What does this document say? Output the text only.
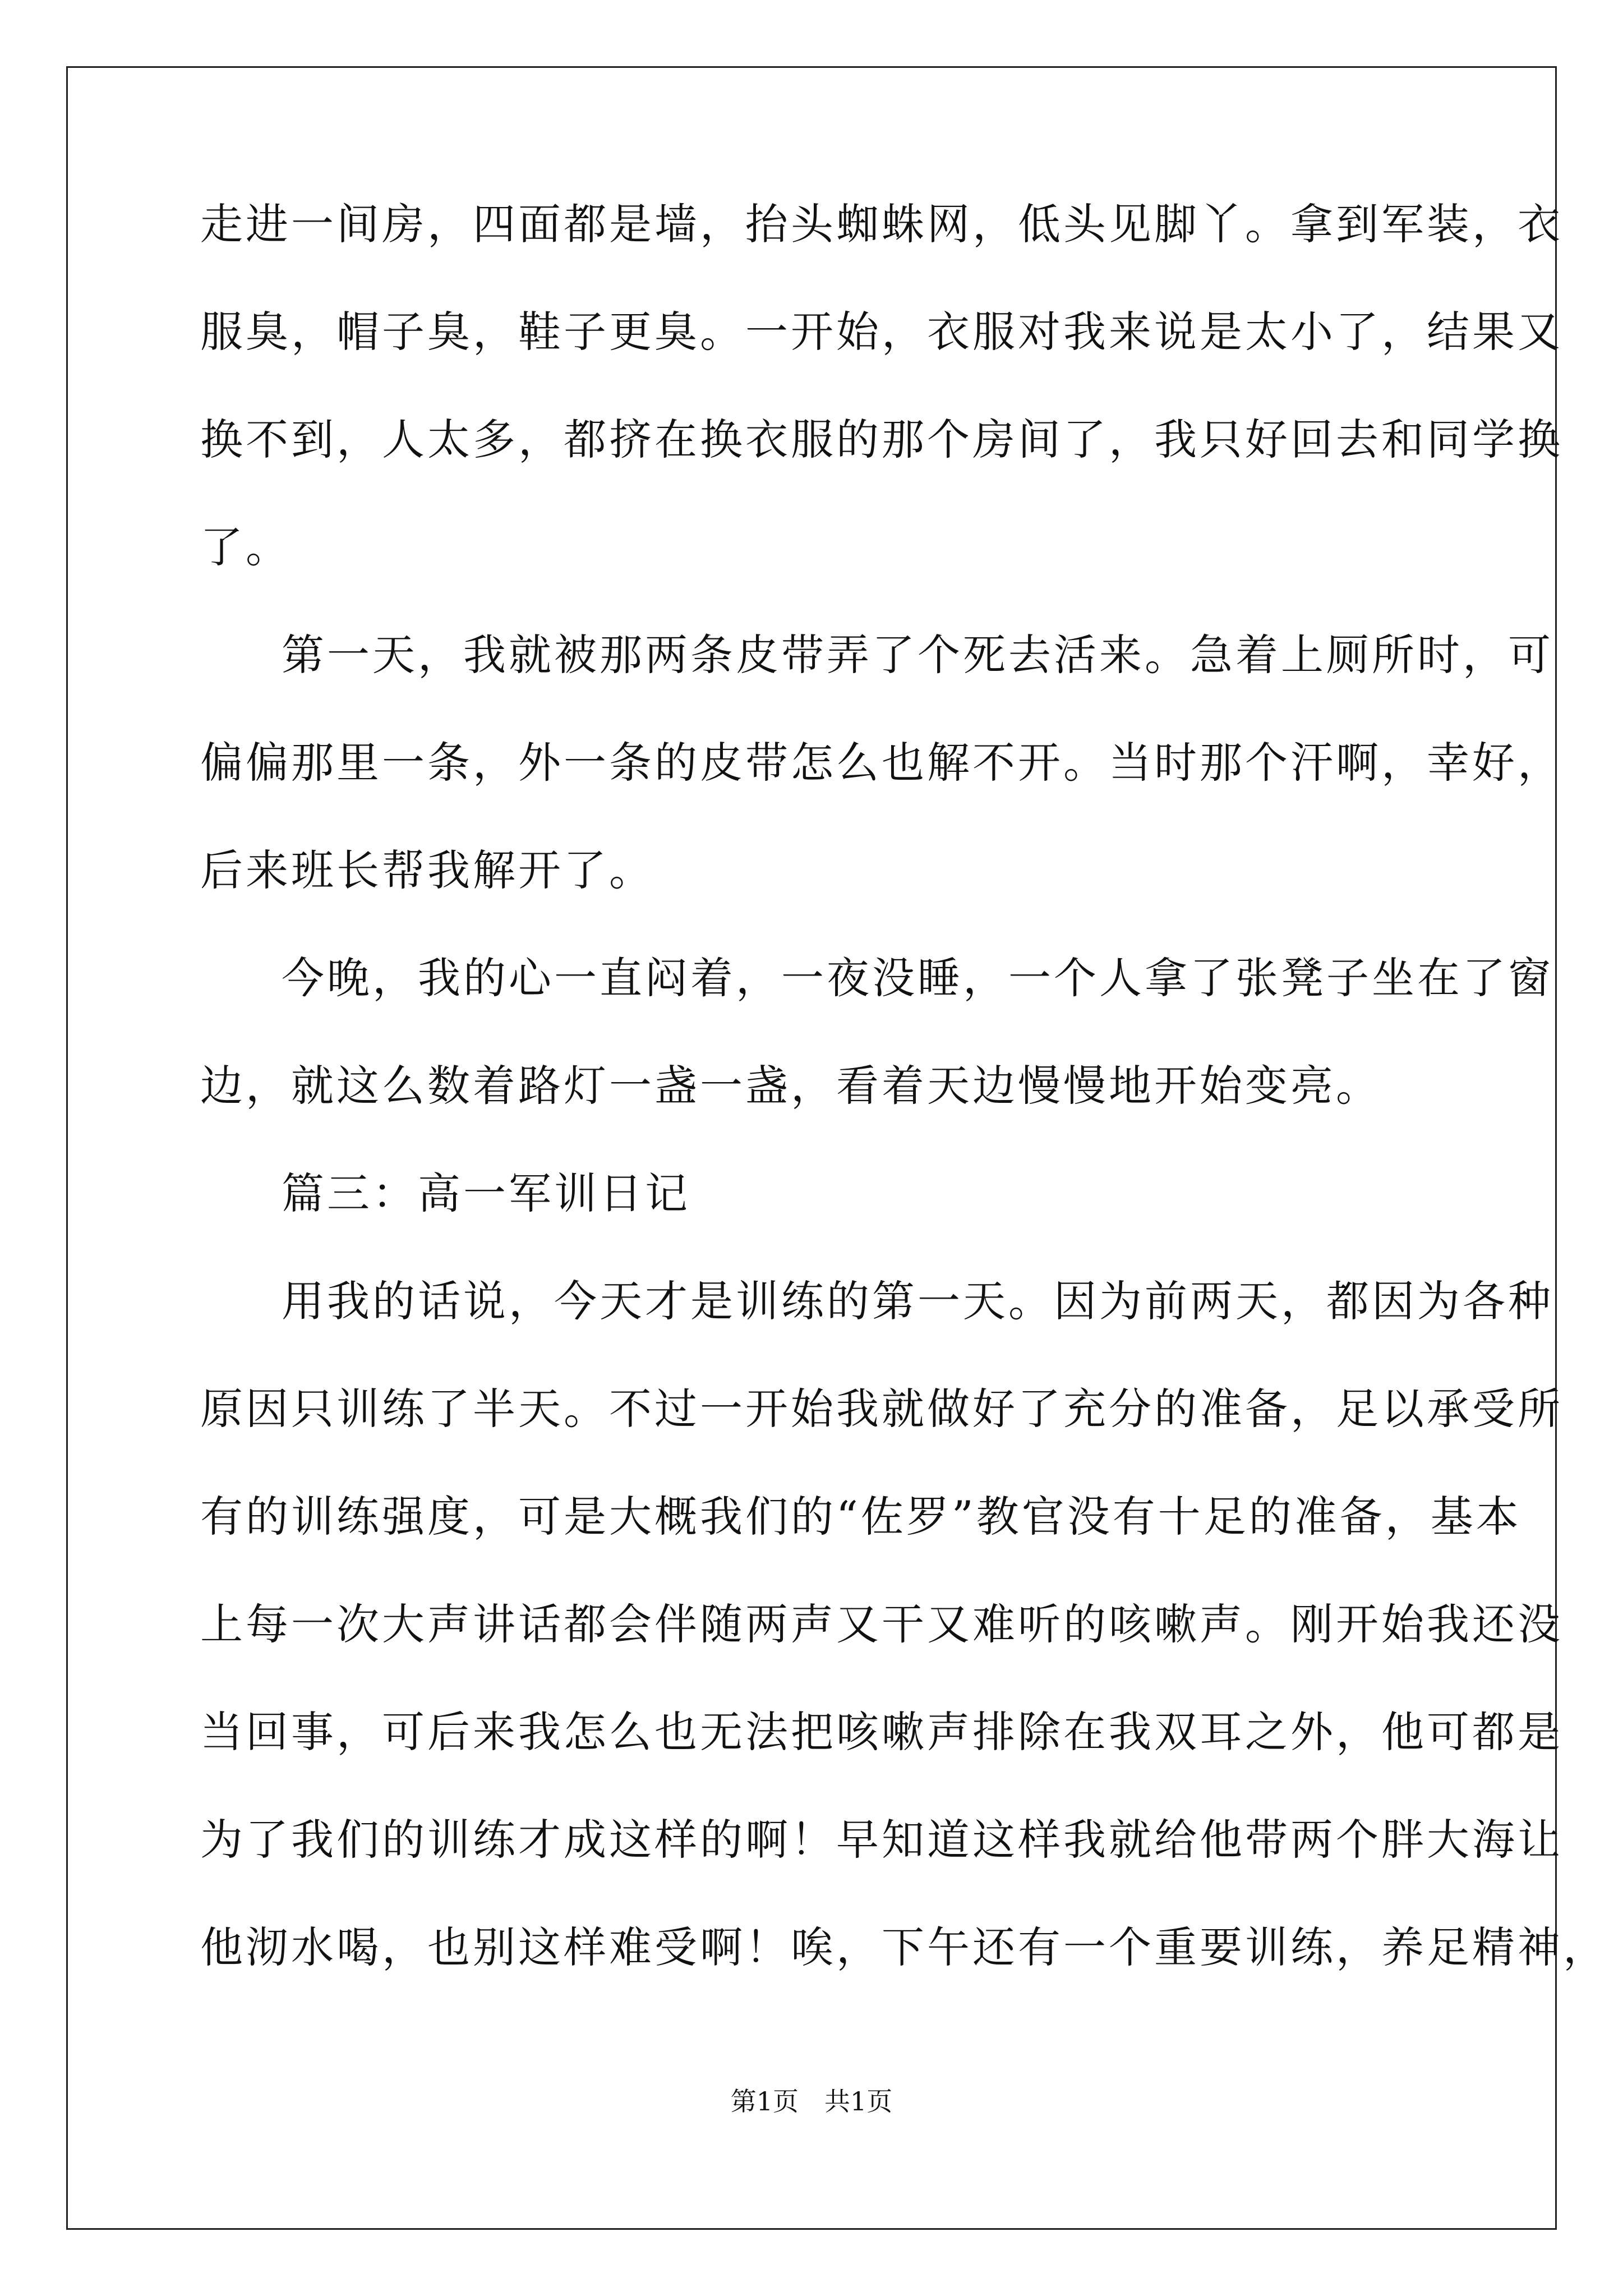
走进一间房，四面都是墙，抬头蜘蛛网，低头见脚丫。拿到军装，衣
服臭，帽子臭，鞋子更臭。一开始，衣服对我来说是太小了，结果又
换不到，人太多，都挤在换衣服的那个房间了，我只好回去和同学换
了。
第一天，我就被那两条皮带弄了个死去活来。急着上厕所时，可
偏偏那里一条，外一条的皮带怎么也解不开。当时那个汗啊，幸好，
后来班长帮我解开了。
今晚，我的心一直闷着，一夜没睡，一个人拿了张凳子坐在了窗
边，就这么数着路灯一盏一盏，看着天边慢慢地开始变亮。
篇三：高一军训日记
用我的话说，今天才是训练的第一天。因为前两天，都因为各种
原因只训练了半天。不过一开始我就做好了充分的准备，足以承受所
有的训练强度，可是大概我们的“佐罗”教官没有十足的准备，基本
上每一次大声讲话都会伴随两声又干又难听的咳嗽声。刚开始我还没
当回事，可后来我怎么也无法把咳嗽声排除在我双耳之外，他可都是
为了我们的训练才成这样的啊！早知道这样我就给他带两个胖大海让
他沏水喝，也别这样难受啊！唉，下午还有一个重要训练，养足精神，
第1页　共1页
